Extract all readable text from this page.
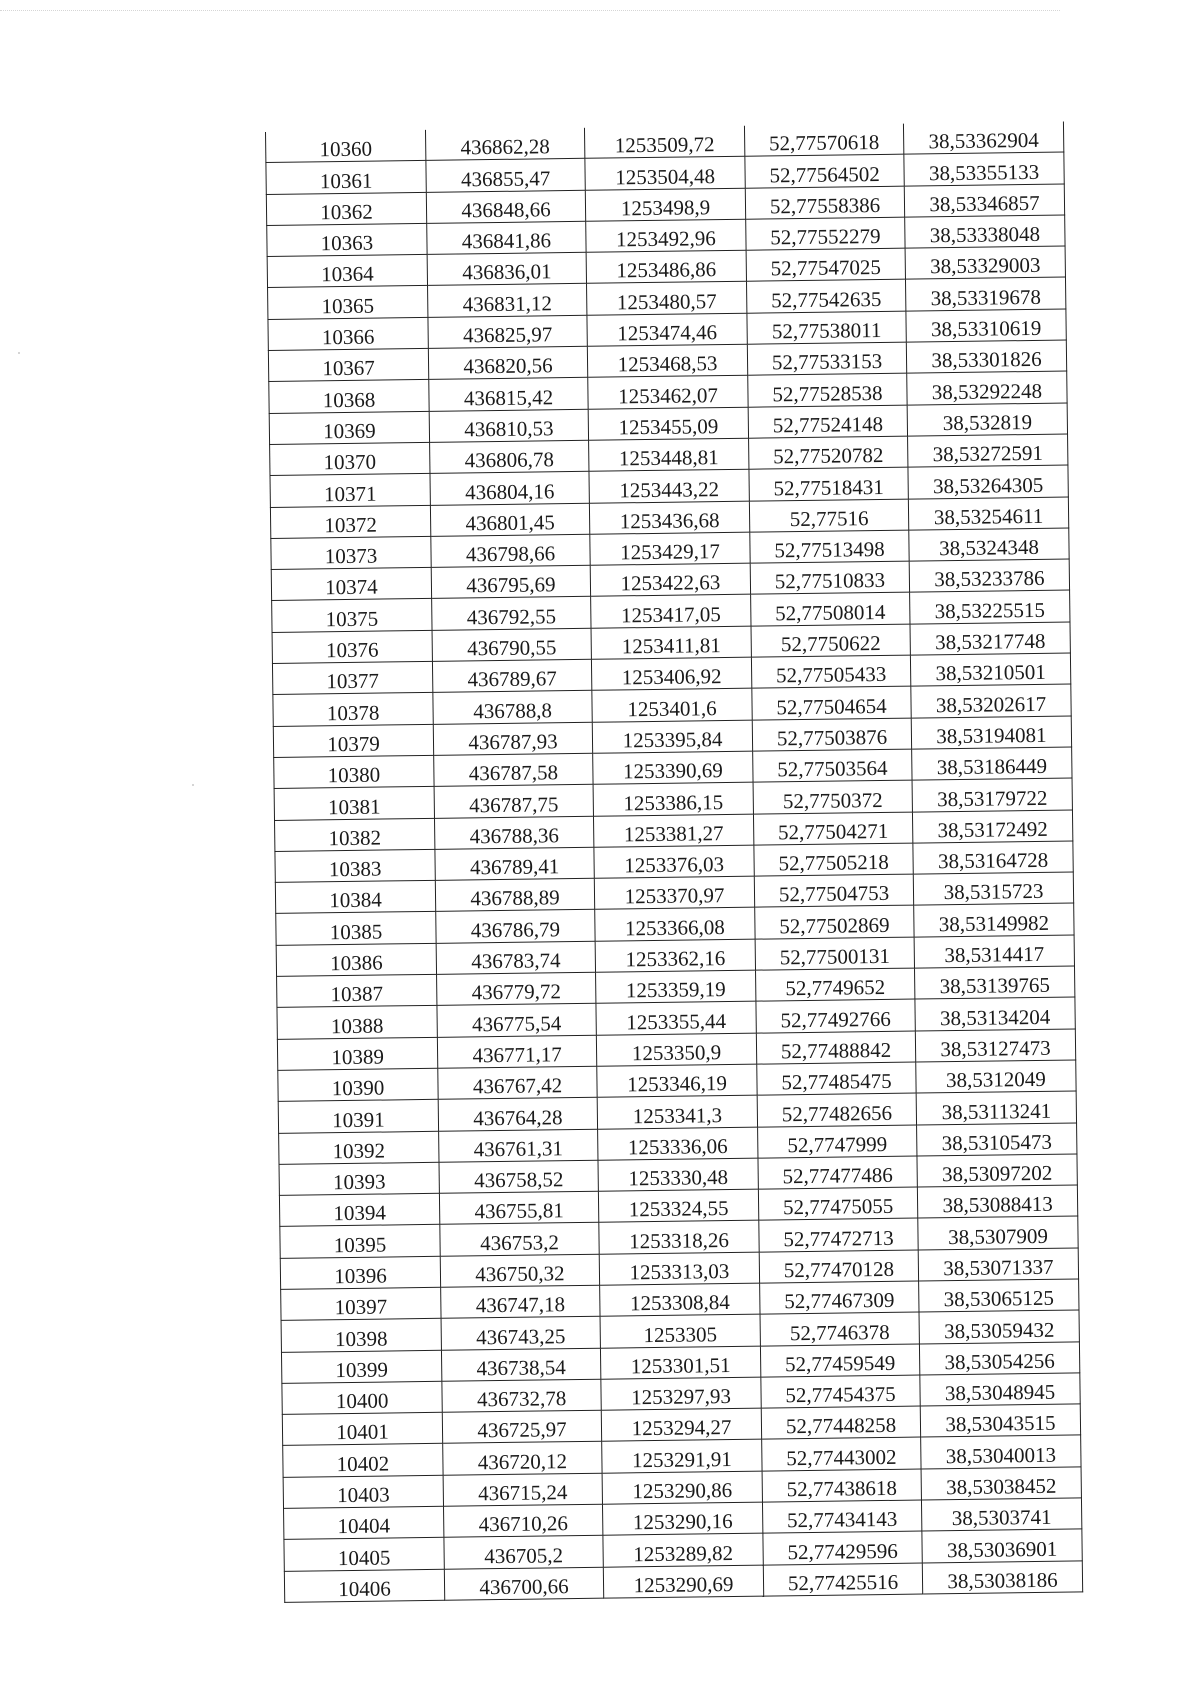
10360	436862,28	1253509,72	52,77570618	38,53362904
10361	436855,47	1253504,48	52,77564502	38,53355133
10362	436848,66	1253498,9	52,77558386	38,53346857
10363	436841,86	1253492,96	52,77552279	38,53338048
10364	436836,01	1253486,86	52,77547025	38,53329003
10365	436831,12	1253480,57	52,77542635	38,53319678
10366	436825,97	1253474,46	52,77538011	38,53310619
10367	436820,56	1253468,53	52,77533153	38,53301826
10368	436815,42	1253462,07	52,77528538	38,53292248
10369	436810,53	1253455,09	52,77524148	38,532819
10370	436806,78	1253448,81	52,77520782	38,53272591
10371	436804,16	1253443,22	52,77518431	38,53264305
10372	436801,45	1253436,68	52,77516	38,53254611
10373	436798,66	1253429,17	52,77513498	38,5324348
10374	436795,69	1253422,63	52,77510833	38,53233786
10375	436792,55	1253417,05	52,77508014	38,53225515
10376	436790,55	1253411,81	52,7750622	38,53217748
10377	436789,67	1253406,92	52,77505433	38,53210501
10378	436788,8	1253401,6	52,77504654	38,53202617
10379	436787,93	1253395,84	52,77503876	38,53194081
10380	436787,58	1253390,69	52,77503564	38,53186449
10381	436787,75	1253386,15	52,7750372	38,53179722
10382	436788,36	1253381,27	52,77504271	38,53172492
10383	436789,41	1253376,03	52,77505218	38,53164728
10384	436788,89	1253370,97	52,77504753	38,5315723
10385	436786,79	1253366,08	52,77502869	38,53149982
10386	436783,74	1253362,16	52,77500131	38,5314417
10387	436779,72	1253359,19	52,7749652	38,53139765
10388	436775,54	1253355,44	52,77492766	38,53134204
10389	436771,17	1253350,9	52,77488842	38,53127473
10390	436767,42	1253346,19	52,77485475	38,5312049
10391	436764,28	1253341,3	52,77482656	38,53113241
10392	436761,31	1253336,06	52,7747999	38,53105473
10393	436758,52	1253330,48	52,77477486	38,53097202
10394	436755,81	1253324,55	52,77475055	38,53088413
10395	436753,2	1253318,26	52,77472713	38,5307909
10396	436750,32	1253313,03	52,77470128	38,53071337
10397	436747,18	1253308,84	52,77467309	38,53065125
10398	436743,25	1253305	52,7746378	38,53059432
10399	436738,54	1253301,51	52,77459549	38,53054256
10400	436732,78	1253297,93	52,77454375	38,53048945
10401	436725,97	1253294,27	52,77448258	38,53043515
10402	436720,12	1253291,91	52,77443002	38,53040013
10403	436715,24	1253290,86	52,77438618	38,53038452
10404	436710,26	1253290,16	52,77434143	38,5303741
10405	436705,2	1253289,82	52,77429596	38,53036901
10406	436700,66	1253290,69	52,77425516	38,53038186
